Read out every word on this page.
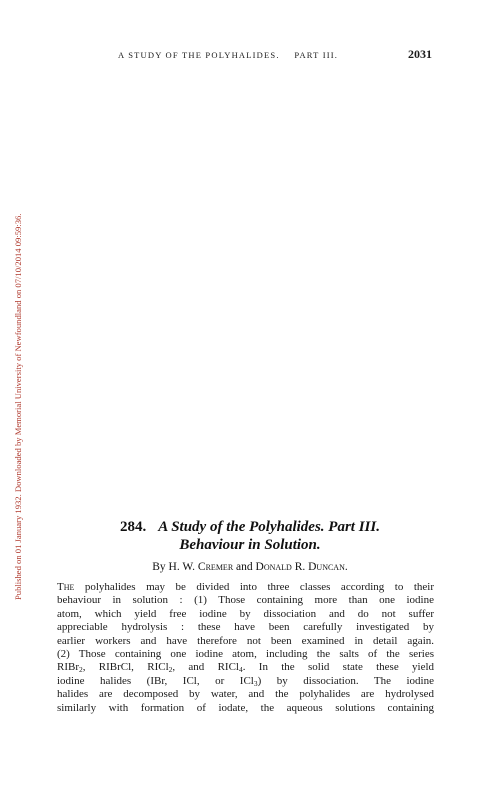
Published on 01 January 1932. Downloaded by Memorial University of Newfoundland on 07/10/2014 09:59:36.
A STUDY OF THE POLYHALIDES. PART III.	2031
284. A Study of the Polyhalides. Part III.
Behaviour in Solution.
By H. W. Cremer and Donald R. Duncan.
The polyhalides may be divided into three classes according to their
behaviour in solution : (1) Those containing more than one iodine
atom, which yield free iodine by dissociation and do not suffer
appreciable hydrolysis : these have been carefully investigated by
earlier workers and have therefore not been examined in detail again.
(2) Those containing one iodine atom, including the salts of the series
RIBr$_2$, RIBrCl, RICl$_2$, and RICl$_4$. In the solid state these yield
iodine halides (IBr, ICl, or ICl$_3$) by dissociation. The iodine
halides are decomposed by water, and the polyhalides are hydrolysed
similarly with formation of iodate, the aqueous solutions containing
